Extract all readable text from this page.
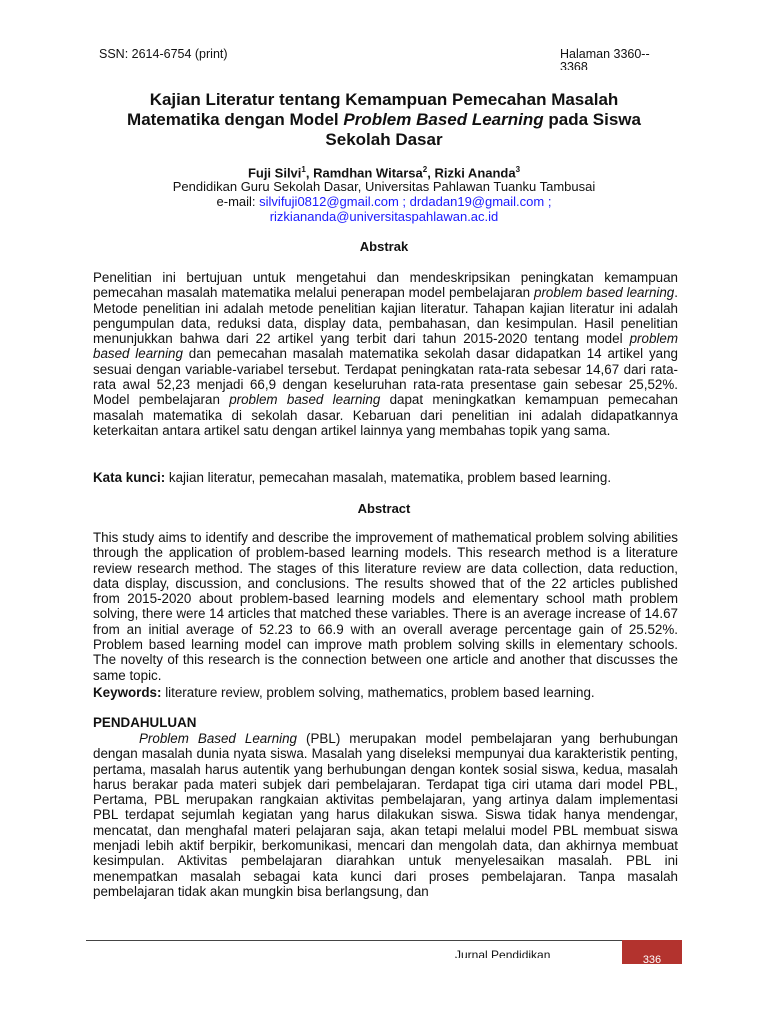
SSN: 2614-6754 (print)	Halaman 3360-- 3368
Kajian Literatur tentang Kemampuan Pemecahan Masalah
Matematika dengan Model Problem Based Learning pada Siswa
Sekolah Dasar
Fuji Silvi$^1$, Ramdhan Witarsa$^2$, Rizki Ananda$^3$
Pendidikan Guru Sekolah Dasar, Universitas Pahlawan Tuanku Tambusai
e-mail: silvifuji0812@gmail.com ; drdadan19@gmail.com ;
rizkiananda@universitaspahlawan.ac.id
Abstrak
Penelitian ini bertujuan untuk mengetahui dan mendeskripsikan peningkatan kemampuan pemecahan masalah matematika melalui penerapan model pembelajaran problem based learning. Metode penelitian ini adalah metode penelitian kajian literatur. Tahapan kajian literatur ini adalah pengumpulan data, reduksi data, display data, pembahasan, dan kesimpulan. Hasil penelitian menunjukkan bahwa dari 22 artikel yang terbit dari tahun 2015-2020 tentang model problem based learning dan pemecahan masalah matematika sekolah dasar didapatkan 14 artikel yang sesuai dengan variable-variabel tersebut. Terdapat peningkatan rata-rata sebesar 14,67 dari rata-rata awal 52,23 menjadi 66,9 dengan keseluruhan rata-rata presentase gain sebesar 25,52%. Model pembelajaran problem based learning dapat meningkatkan kemampuan pemecahan masalah matematika di sekolah dasar. Kebaruan dari penelitian ini adalah didapatkannya keterkaitan antara artikel satu dengan artikel lainnya yang membahas topik yang sama.
Kata kunci: kajian literatur, pemecahan masalah, matematika, problem based learning.
Abstract
This study aims to identify and describe the improvement of mathematical problem solving abilities through the application of problem-based learning models. This research method is a literature review research method. The stages of this literature review are data collection, data reduction, data display, discussion, and conclusions. The results showed that of the 22 articles published from 2015-2020 about problem-based learning models and elementary school math problem solving, there were 14 articles that matched these variables. There is an average increase of 14.67 from an initial average of 52.23 to 66.9 with an overall average percentage gain of 25.52%. Problem based learning model can improve math problem solving skills in elementary schools. The novelty of this research is the connection between one article and another that discusses the same topic.
Keywords: literature review, problem solving, mathematics, problem based learning.
PENDAHULUAN
Problem Based Learning (PBL) merupakan model pembelajaran yang berhubungan dengan masalah dunia nyata siswa. Masalah yang diseleksi mempunyai dua karakteristik penting, pertama, masalah harus autentik yang berhubungan dengan kontek sosial siswa, kedua, masalah harus berakar pada materi subjek dari pembelajaran. Terdapat tiga ciri utama dari model PBL, Pertama, PBL merupakan rangkaian aktivitas pembelajaran, yang artinya dalam implementasi PBL terdapat sejumlah kegiatan yang harus dilakukan siswa. Siswa tidak hanya mendengar, mencatat, dan menghafal materi pelajaran saja, akan tetapi melalui model PBL membuat siswa menjadi lebih aktif berpikir, berkomunikasi, mencari dan mengolah data, dan akhirnya membuat kesimpulan. Aktivitas pembelajaran diarahkan untuk menyelesaikan masalah. PBL ini menempatkan masalah sebagai kata kunci dari proses pembelajaran. Tanpa masalah pembelajaran tidak akan mungkin bisa berlangsung, dan
Jurnal Pendidikan	336
